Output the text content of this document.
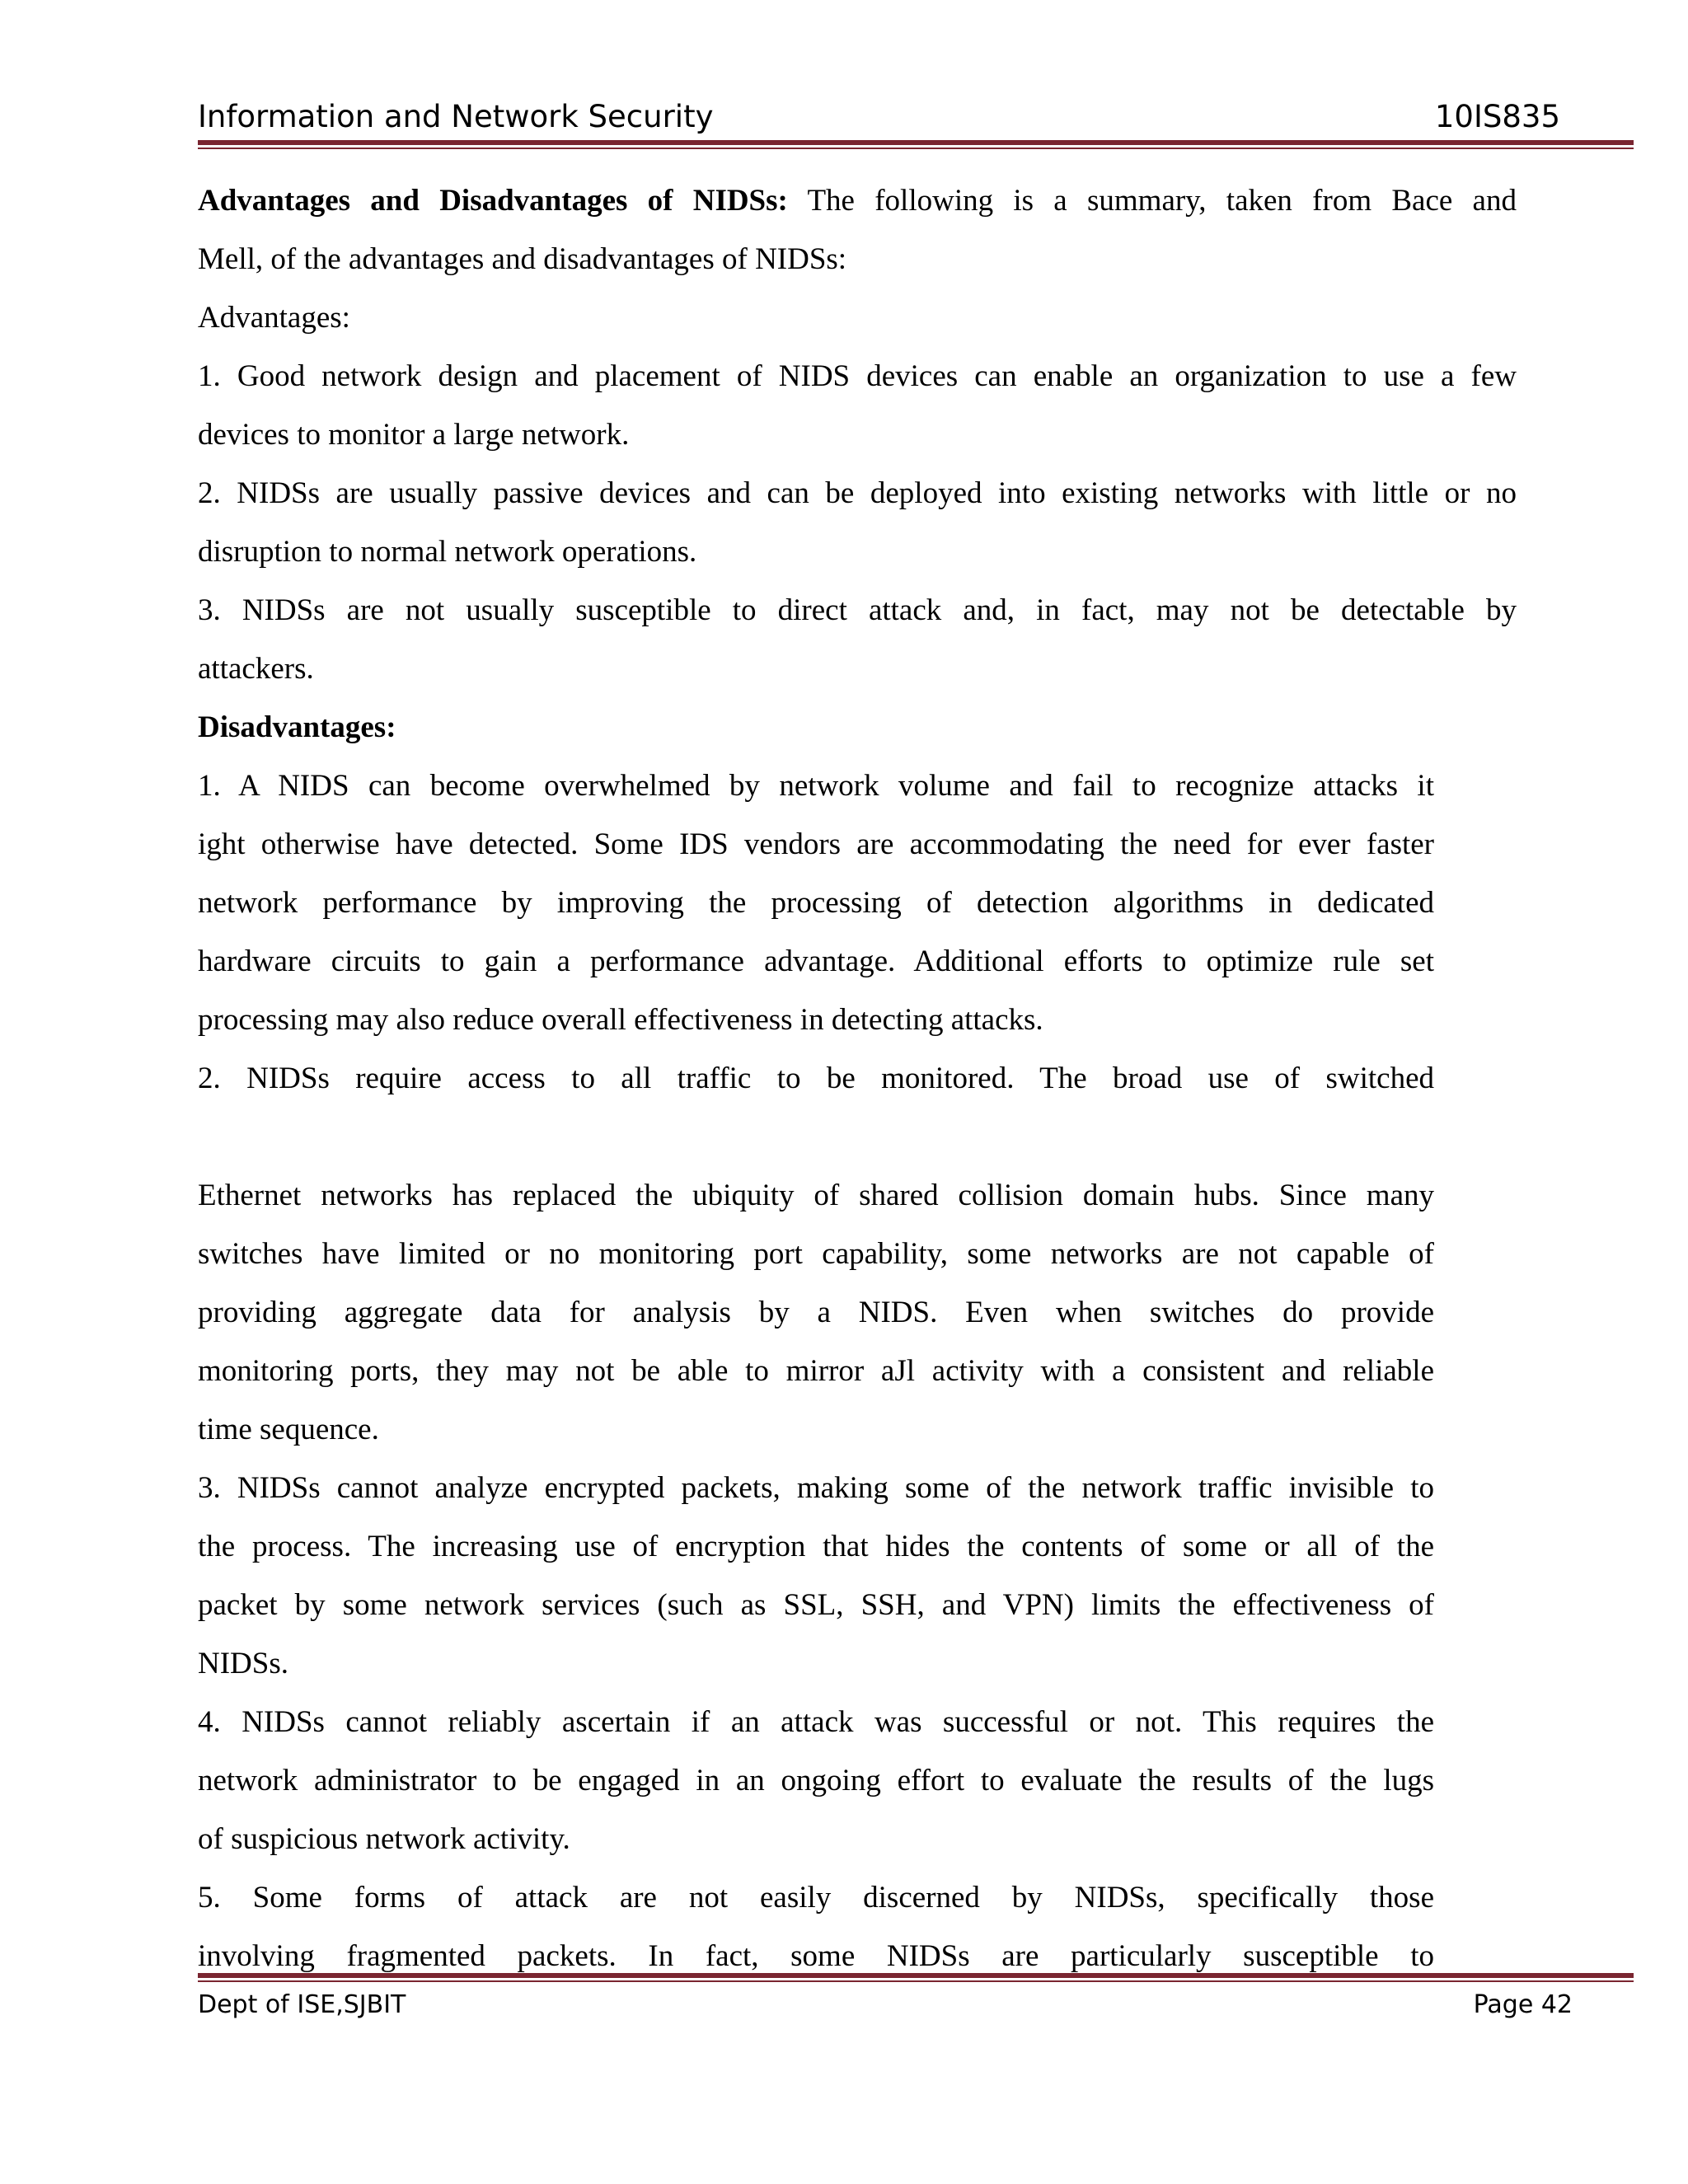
Information and Network Security	10IS835
Advantages and Disadvantages of NIDSs: The following is a summary, taken from Bace and
Mell, of the advantages and disadvantages of NIDSs:
Advantages:
1. Good network design and placement of NIDS devices can enable an organization to use a few
devices to monitor a large network.
2. NIDSs are usually passive devices and can be deployed into existing networks with little or no
disruption to normal network operations.
3. NIDSs are not usually susceptible to direct attack and, in fact, may not be detectable by
attackers.
Disadvantages:
1. A NIDS can become overwhelmed by network volume and fail to recognize attacks it
ight otherwise have detected. Some IDS vendors are accommodating the need for ever faster
network performance by improving the processing of detection algorithms in dedicated
hardware circuits to gain a performance advantage. Additional efforts to optimize rule set
processing may also reduce overall effectiveness in detecting attacks.
2. NIDSs require access to all traffic to be monitored. The broad use of switched
Ethernet networks has replaced the ubiquity of shared collision domain hubs. Since many
switches have limited or no monitoring port capability, some networks are not capable of
providing aggregate data for analysis by a NIDS. Even when switches do provide
monitoring ports, they may not be able to mirror aJl activity with a consistent and reliable
time sequence.
3. NIDSs cannot analyze encrypted packets, making some of the network traffic invisible to
the process. The increasing use of encryption that hides the contents of some or all of the
packet by some network services (such as SSL, SSH, and VPN) limits the effectiveness of
NIDSs.
4. NIDSs cannot reliably ascertain if an attack was successful or not. This requires the
network administrator to be engaged in an ongoing effort to evaluate the results of the lugs
of suspicious network activity.
5. Some forms of attack are not easily discerned by NIDSs, specifically those
involving fragmented packets. In fact, some NIDSs are particularly susceptible to
Dept of ISE,SJBIT	Page 42
